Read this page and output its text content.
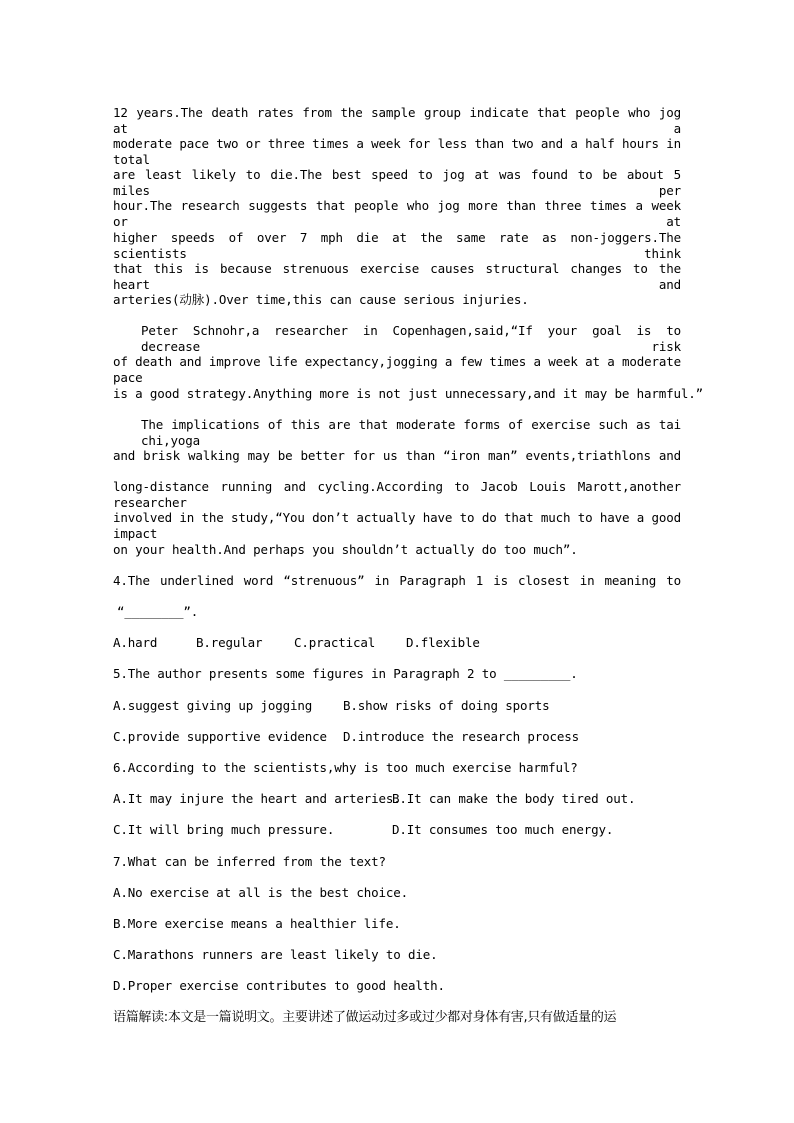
12 years.The death rates from the sample group indicate that people who jog at a
moderate pace two or three times a week for less than two and a half hours in total
are least likely to die.The best speed to jog at was found to be about 5 miles per
hour.The research suggests that people who jog more than three times a week or at
higher speeds of over 7 mph die at the same rate as non-joggers.The scientists think
that this is because strenuous exercise causes structural changes to the heart and
arteries(动脉).Over time,this can cause serious injuries.
Peter Schnohr,a researcher in Copenhagen,said,“If your goal is to decrease risk
of death and improve life expectancy,jogging a few times a week at a moderate pace
is a good strategy.Anything more is not just unnecessary,and it may be harmful.”
The implications of this are that moderate forms of exercise such as tai chi,yoga
and brisk walking may be better for us than “iron man” events,triathlons and
long-distance running and cycling.According to Jacob Louis Marott,another researcher
involved in the study,“You don’t actually have to do that much to have a good impact
on your health.And perhaps you shouldn’t actually do too much”.
4.The underlined word “strenuous” in Paragraph 1 is closest in meaning to
“________”.
A.hard	B.regular	C.practical D.flexible
5.The author presents some figures in Paragraph 2 to _________.
A.suggest giving up jogging B.show risks of doing sports
C.provide supportive evidence D.introduce the research process
6.According to the scientists,why is too much exercise harmful?
A.It may injure the heart and arteries.
B.It can make the body tired out.
C.It will bring much pressure.	D.It consumes too much energy.
7.What can be inferred from the text?
A.No exercise at all is the best choice.
B.More exercise means a healthier life.
C.Marathons runners are least likely to die.
D.Proper exercise contributes to good health.
语篇解读:本文是一篇说明文。主要讲述了做运动过多或过少都对身体有害,只有做适量的运
